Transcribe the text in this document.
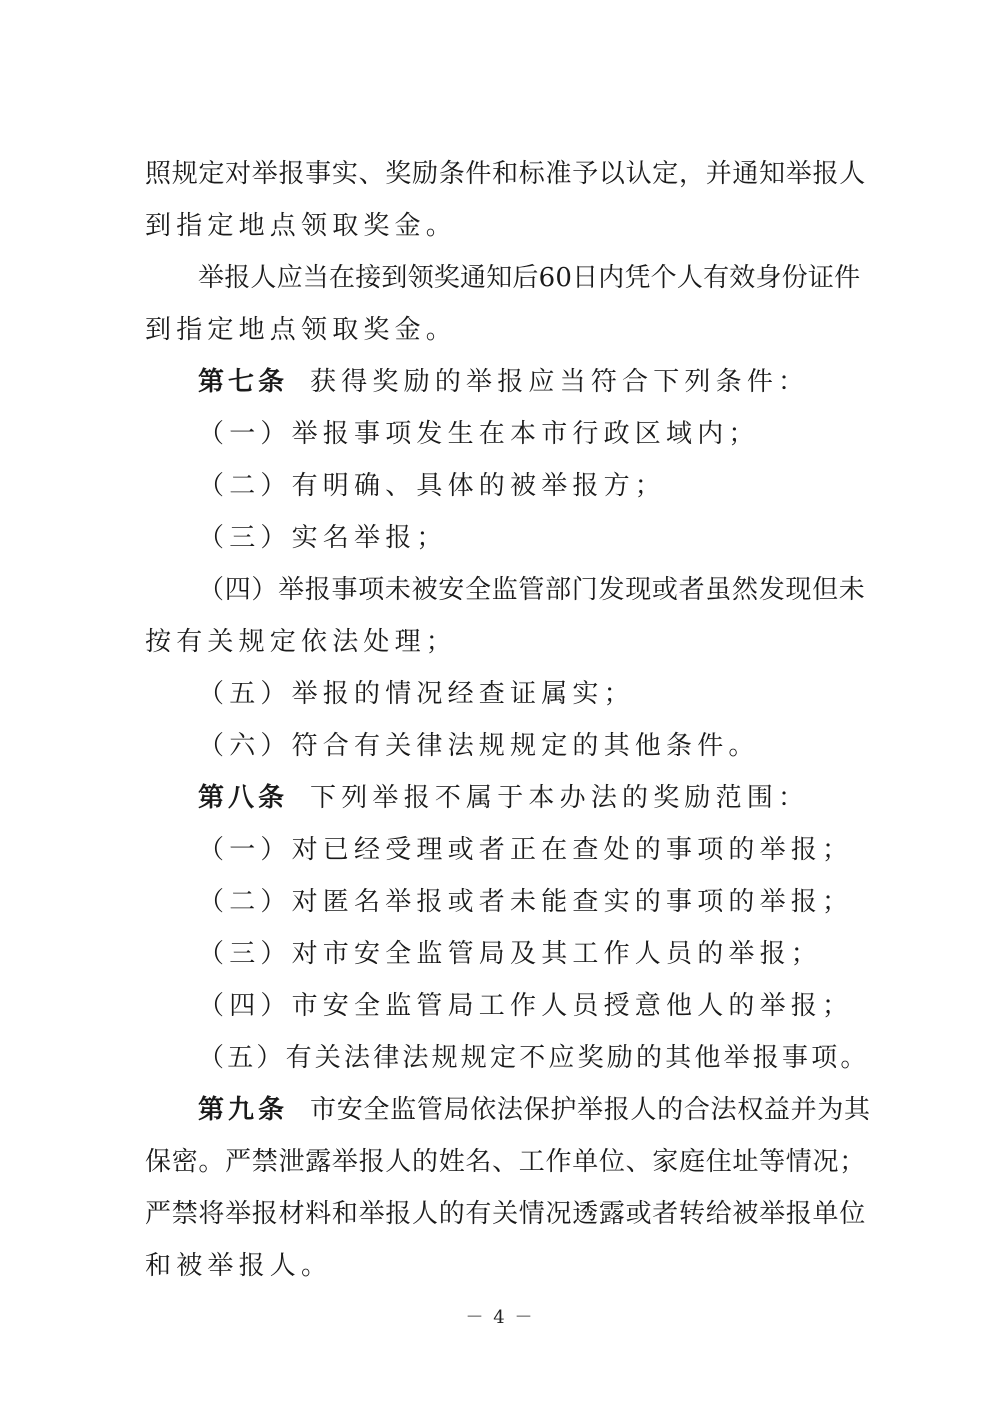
照规定对举报事实、奖励条件和标准予以认定，并通知举报人
到指定地点领取奖金。
举报人应当在接到领奖通知后60日内凭个人有效身份证件
到指定地点领取奖金。
第七条 获得奖励的举报应当符合下列条件：
（一）举报事项发生在本市行政区域内；
（二）有明确、具体的被举报方；
（三）实名举报；
（四）举报事项未被安全监管部门发现或者虽然发现但未
按有关规定依法处理；
（五）举报的情况经查证属实；
（六）符合有关律法规规定的其他条件。
第八条 下列举报不属于本办法的奖励范围：
（一）对已经受理或者正在查处的事项的举报；
（二）对匿名举报或者未能查实的事项的举报；
（三）对市安全监管局及其工作人员的举报；
（四）市安全监管局工作人员授意他人的举报；
（五）有关法律法规规定不应奖励的其他举报事项。
第九条 市安全监管局依法保护举报人的合法权益并为其
保密。严禁泄露举报人的姓名、工作单位、家庭住址等情况；
严禁将举报材料和举报人的有关情况透露或者转给被举报单位
和被举报人。
－ 4 －
